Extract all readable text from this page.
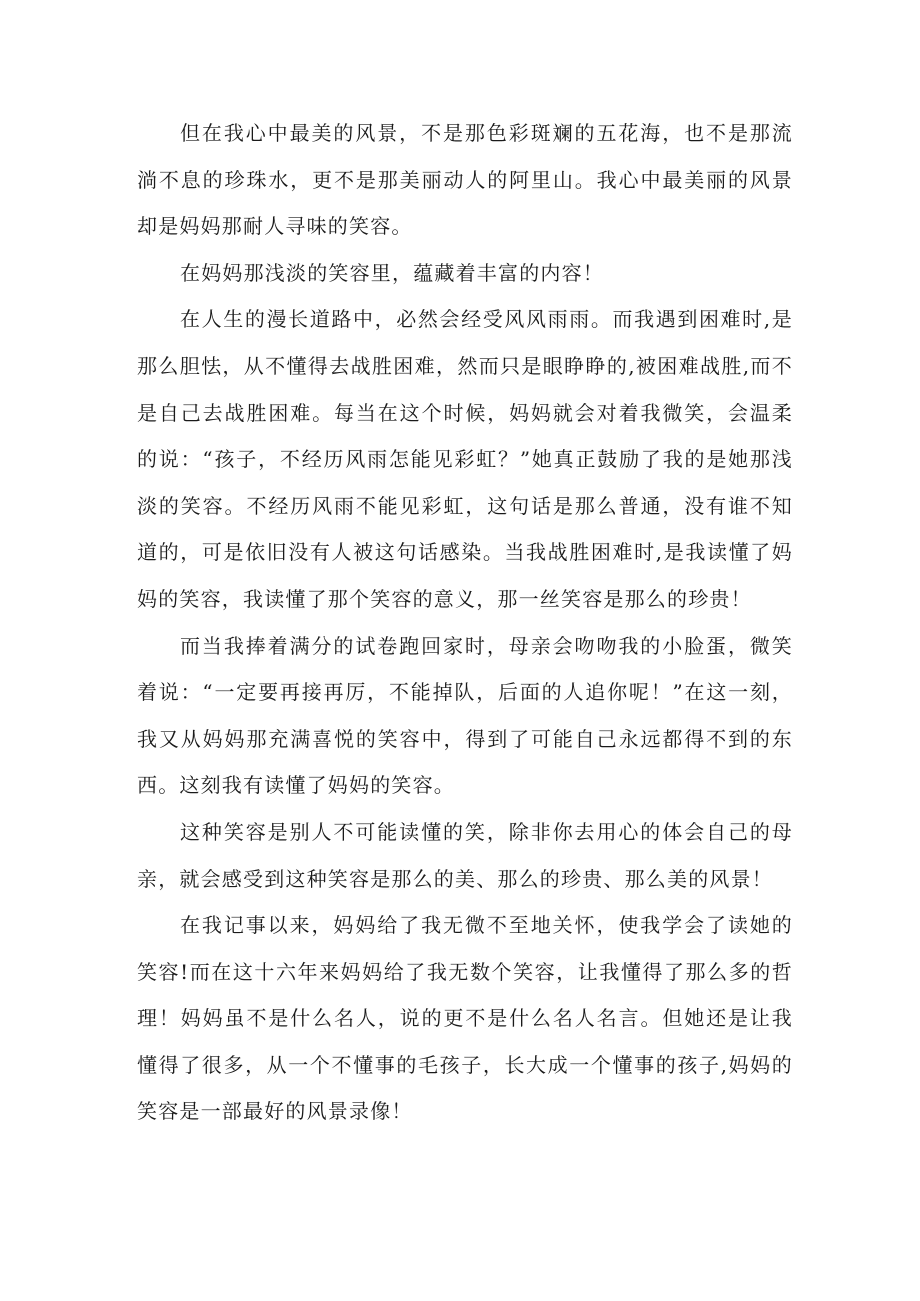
但在我心中最美的风景，不是那色彩斑斓的五花海，也不是那流淌不息的珍珠水，更不是那美丽动人的阿里山。我心中最美丽的风景却是妈妈那耐人寻味的笑容。

在妈妈那浅淡的笑容里，蕴藏着丰富的内容！

在人生的漫长道路中，必然会经受风风雨雨。而我遇到困难时,是那么胆怯，从不懂得去战胜困难，然而只是眼睁睁的,被困难战胜,而不是自己去战胜困难。每当在这个时候，妈妈就会对着我微笑，会温柔的说：“孩子，不经历风雨怎能见彩虹？”她真正鼓励了我的是她那浅淡的笑容。不经历风雨不能见彩虹，这句话是那么普通，没有谁不知道的，可是依旧没有人被这句话感染。当我战胜困难时,是我读懂了妈妈的笑容，我读懂了那个笑容的意义，那一丝笑容是那么的珍贵！

而当我捧着满分的试卷跑回家时，母亲会吻吻我的小脸蛋，微笑着说：“一定要再接再厉，不能掉队，后面的人追你呢！”在这一刻，我又从妈妈那充满喜悦的笑容中，得到了可能自己永远都得不到的东西。这刻我有读懂了妈妈的笑容。

这种笑容是别人不可能读懂的笑，除非你去用心的体会自己的母亲，就会感受到这种笑容是那么的美、那么的珍贵、那么美的风景！

在我记事以来，妈妈给了我无微不至地关怀，使我学会了读她的笑容!而在这十六年来妈妈给了我无数个笑容，让我懂得了那么多的哲理！妈妈虽不是什么名人，说的更不是什么名人名言。但她还是让我懂得了很多，从一个不懂事的毛孩子，长大成一个懂事的孩子,妈妈的笑容是一部最好的风景录像！
